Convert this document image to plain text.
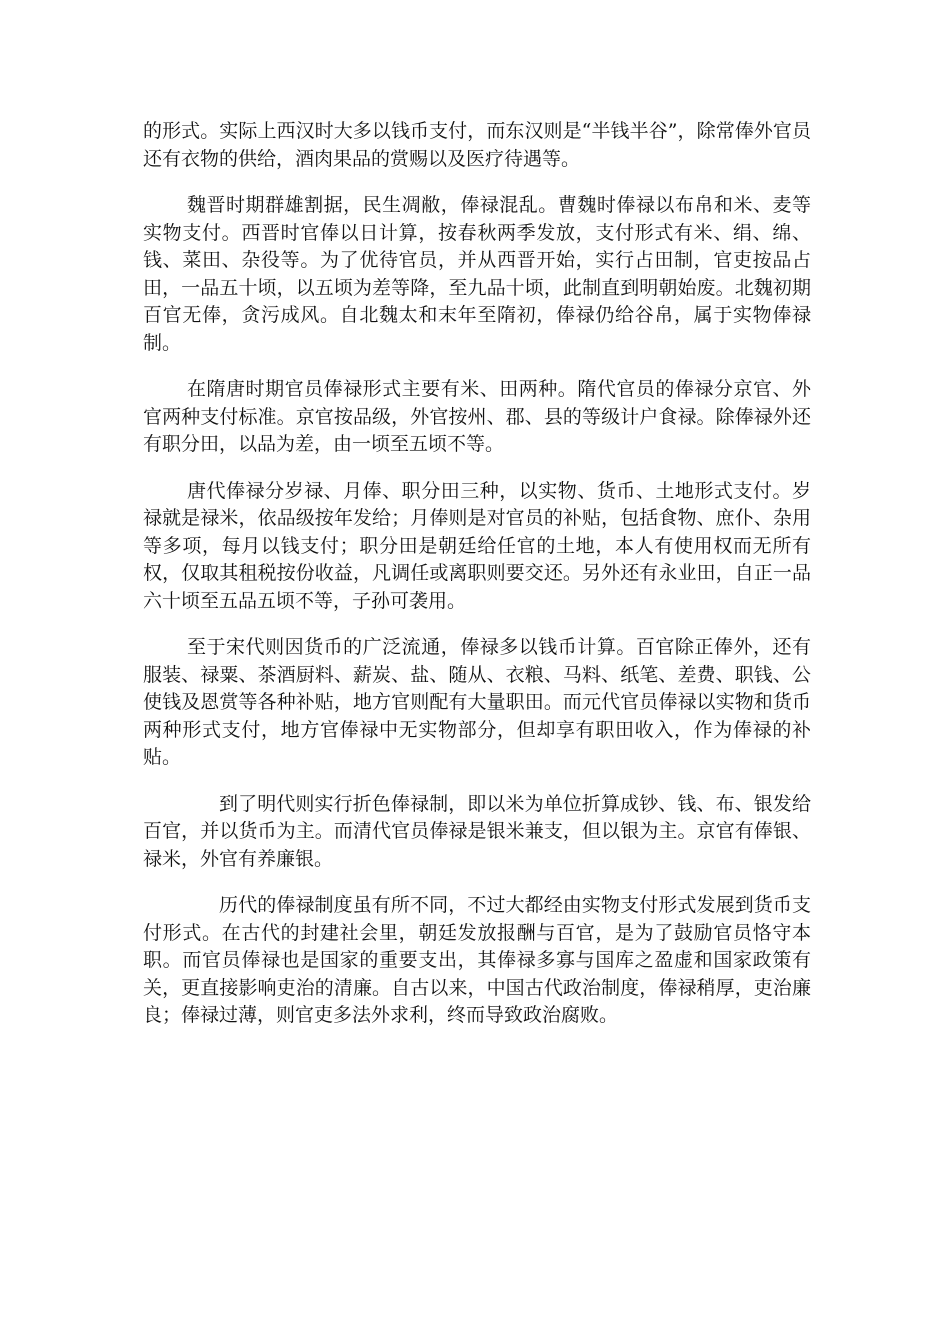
的形式。实际上西汉时大多以钱币支付，而东汉则是“半钱半谷”，除常俸外官员还有衣物的供给，酒肉果品的赏赐以及医疗待遇等。

魏晋时期群雄割据，民生凋敝，俸禄混乱。曹魏时俸禄以布帛和米、麦等实物支付。西晋时官俸以日计算，按春秋两季发放，支付形式有米、绢、绵、钱、菜田、杂役等。为了优待官员，并从西晋开始，实行占田制，官吏按品占田，一品五十顷，以五顷为差等降，至九品十顷，此制直到明朝始废。北魏初期百官无俸，贪污成风。自北魏太和末年至隋初，俸禄仍给谷帛，属于实物俸禄制。

在隋唐时期官员俸禄形式主要有米、田两种。隋代官员的俸禄分京官、外官两种支付标准。京官按品级，外官按州、郡、县的等级计户食禄。除俸禄外还有职分田，以品为差，由一顷至五顷不等。

唐代俸禄分岁禄、月俸、职分田三种，以实物、货币、土地形式支付。岁禄就是禄米，依品级按年发给；月俸则是对官员的补贴，包括食物、庶仆、杂用等多项，每月以钱支付；职分田是朝廷给任官的土地，本人有使用权而无所有权，仅取其租税按份收益，凡调任或离职则要交还。另外还有永业田，自正一品六十顷至五品五顷不等，子孙可袭用。

至于宋代则因货币的广泛流通，俸禄多以钱币计算。百官除正俸外，还有服装、禄粟、茶酒厨料、薪炭、盐、随从、衣粮、马料、纸笔、差费、职钱、公使钱及恩赏等各种补贴，地方官则配有大量职田。而元代官员俸禄以实物和货币两种形式支付，地方官俸禄中无实物部分，但却享有职田收入，作为俸禄的补贴。

到了明代则实行折色俸禄制，即以米为单位折算成钞、钱、布、银发给百官，并以货币为主。而清代官员俸禄是银米兼支，但以银为主。京官有俸银、禄米，外官有养廉银。

历代的俸禄制度虽有所不同，不过大都经由实物支付形式发展到货币支付形式。在古代的封建社会里，朝廷发放报酬与百官，是为了鼓励官员恪守本职。而官员俸禄也是国家的重要支出，其俸禄多寡与国库之盈虚和国家政策有关，更直接影响吏治的清廉。自古以来，中国古代政治制度，俸禄稍厚，吏治廉良；俸禄过薄，则官吏多法外求利，终而导致政治腐败。
